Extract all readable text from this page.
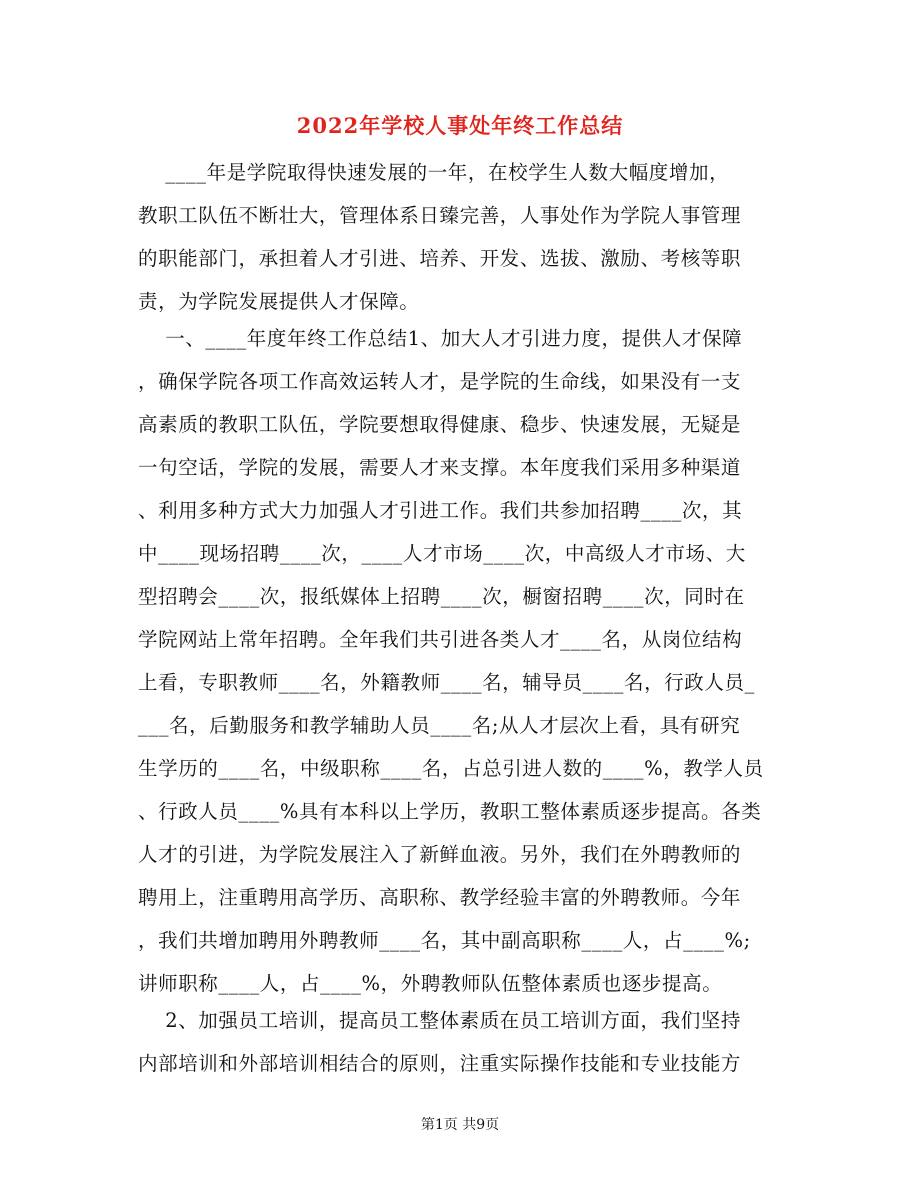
2022年学校人事处年终工作总结
____年是学院取得快速发展的一年，在校学生人数大幅度增加，
教职工队伍不断壮大，管理体系日臻完善，人事处作为学院人事管理
的职能部门，承担着人才引进、培养、开发、选拔、激励、考核等职
责，为学院发展提供人才保障。
一、____年度年终工作总结1、加大人才引进力度，提供人才保障
，确保学院各项工作高效运转人才，是学院的生命线，如果没有一支
高素质的教职工队伍，学院要想取得健康、稳步、快速发展，无疑是
一句空话，学院的发展，需要人才来支撑。本年度我们采用多种渠道
、利用多种方式大力加强人才引进工作。我们共参加招聘____次，其
中____现场招聘____次，____人才市场____次，中高级人才市场、大
型招聘会____次，报纸媒体上招聘____次，橱窗招聘____次，同时在
学院网站上常年招聘。全年我们共引进各类人才____名，从岗位结构
上看，专职教师____名，外籍教师____名，辅导员____名，行政人员_
___名，后勤服务和教学辅助人员____名;从人才层次上看，具有研究
生学历的____名，中级职称____名，占总引进人数的____%，教学人员
、行政人员____%具有本科以上学历，教职工整体素质逐步提高。各类
人才的引进，为学院发展注入了新鲜血液。另外，我们在外聘教师的
聘用上，注重聘用高学历、高职称、教学经验丰富的外聘教师。今年
，我们共增加聘用外聘教师____名，其中副高职称____人，占____%;
讲师职称____人，占____%，外聘教师队伍整体素质也逐步提高。
2、加强员工培训，提高员工整体素质在员工培训方面，我们坚持
内部培训和外部培训相结合的原则，注重实际操作技能和专业技能方
第1页 共9页
